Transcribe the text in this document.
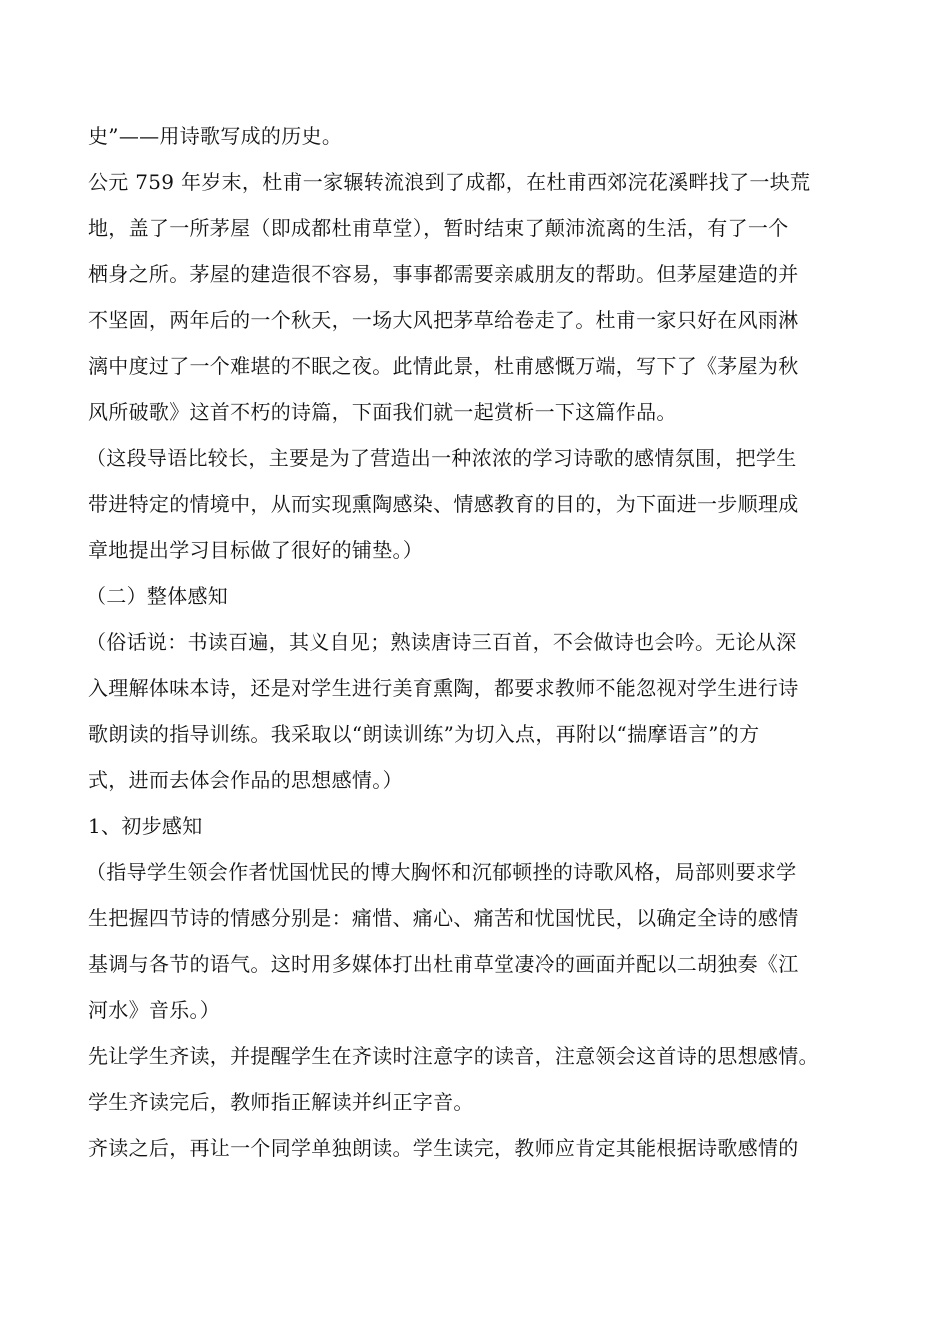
史”——用诗歌写成的历史。
公元 759 年岁末，杜甫一家辗转流浪到了成都，在杜甫西郊浣花溪畔找了一块荒
地，盖了一所茅屋（即成都杜甫草堂），暂时结束了颠沛流离的生活，有了一个
栖身之所。茅屋的建造很不容易，事事都需要亲戚朋友的帮助。但茅屋建造的并
不坚固，两年后的一个秋天，一场大风把茅草给卷走了。杜甫一家只好在风雨淋
漓中度过了一个难堪的不眠之夜。此情此景，杜甫感慨万端，写下了《茅屋为秋
风所破歌》这首不朽的诗篇，下面我们就一起赏析一下这篇作品。
（这段导语比较长，主要是为了营造出一种浓浓的学习诗歌的感情氛围，把学生
带进特定的情境中，从而实现熏陶感染、情感教育的目的，为下面进一步顺理成
章地提出学习目标做了很好的铺垫。）
（二）整体感知
（俗话说：书读百遍，其义自见；熟读唐诗三百首，不会做诗也会吟。无论从深
入理解体味本诗，还是对学生进行美育熏陶，都要求教师不能忽视对学生进行诗
歌朗读的指导训练。我采取以“朗读训练”为切入点，再附以“揣摩语言”的方
式，进而去体会作品的思想感情。）
1、初步感知
（指导学生领会作者忧国忧民的博大胸怀和沉郁顿挫的诗歌风格，局部则要求学
生把握四节诗的情感分别是：痛惜、痛心、痛苦和忧国忧民，以确定全诗的感情
基调与各节的语气。这时用多媒体打出杜甫草堂凄冷的画面并配以二胡独奏《江
河水》音乐。）
先让学生齐读，并提醒学生在齐读时注意字的读音，注意领会这首诗的思想感情。
学生齐读完后，教师指正解读并纠正字音。
齐读之后，再让一个同学单独朗读。学生读完，教师应肯定其能根据诗歌感情的
